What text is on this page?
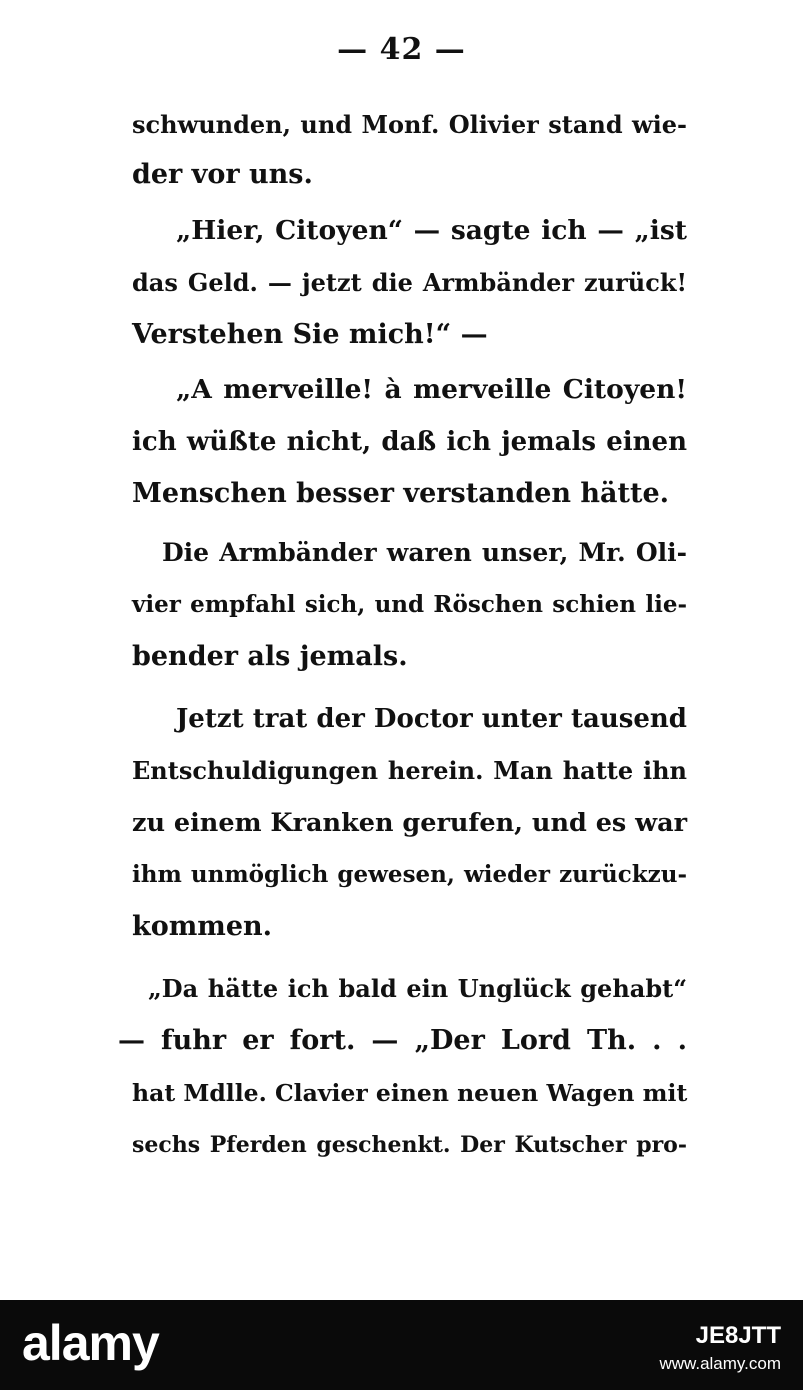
— 42 —
schwunden, und Monf. Olivier stand wie-
der vor uns.
„Hier, Citoyen“ — sagte ich — „ist
das Geld. — jetzt die Armbänder zurück!
Verstehen Sie mich!“ —
„A merveille! à merveille Citoyen!
ich wüßte nicht, daß ich jemals einen
Menschen besser verstanden hätte.
Die Armbänder waren unser, Mr. Oli-
vier empfahl sich, und Röschen schien lie-
bender als jemals.
Jetzt trat der Doctor unter tausend
Entschuldigungen herein. Man hatte ihn
zu einem Kranken gerufen, und es war
ihm unmöglich gewesen, wieder zurückzu-
kommen.
„Da hätte ich bald ein Unglück gehabt“
— fuhr er fort. — „Der Lord Th. . .
hat Mdlle. Clavier einen neuen Wagen mit
sechs Pferden geschenkt. Der Kutscher pro-
alamy	JE8JTT
www.alamy.com
